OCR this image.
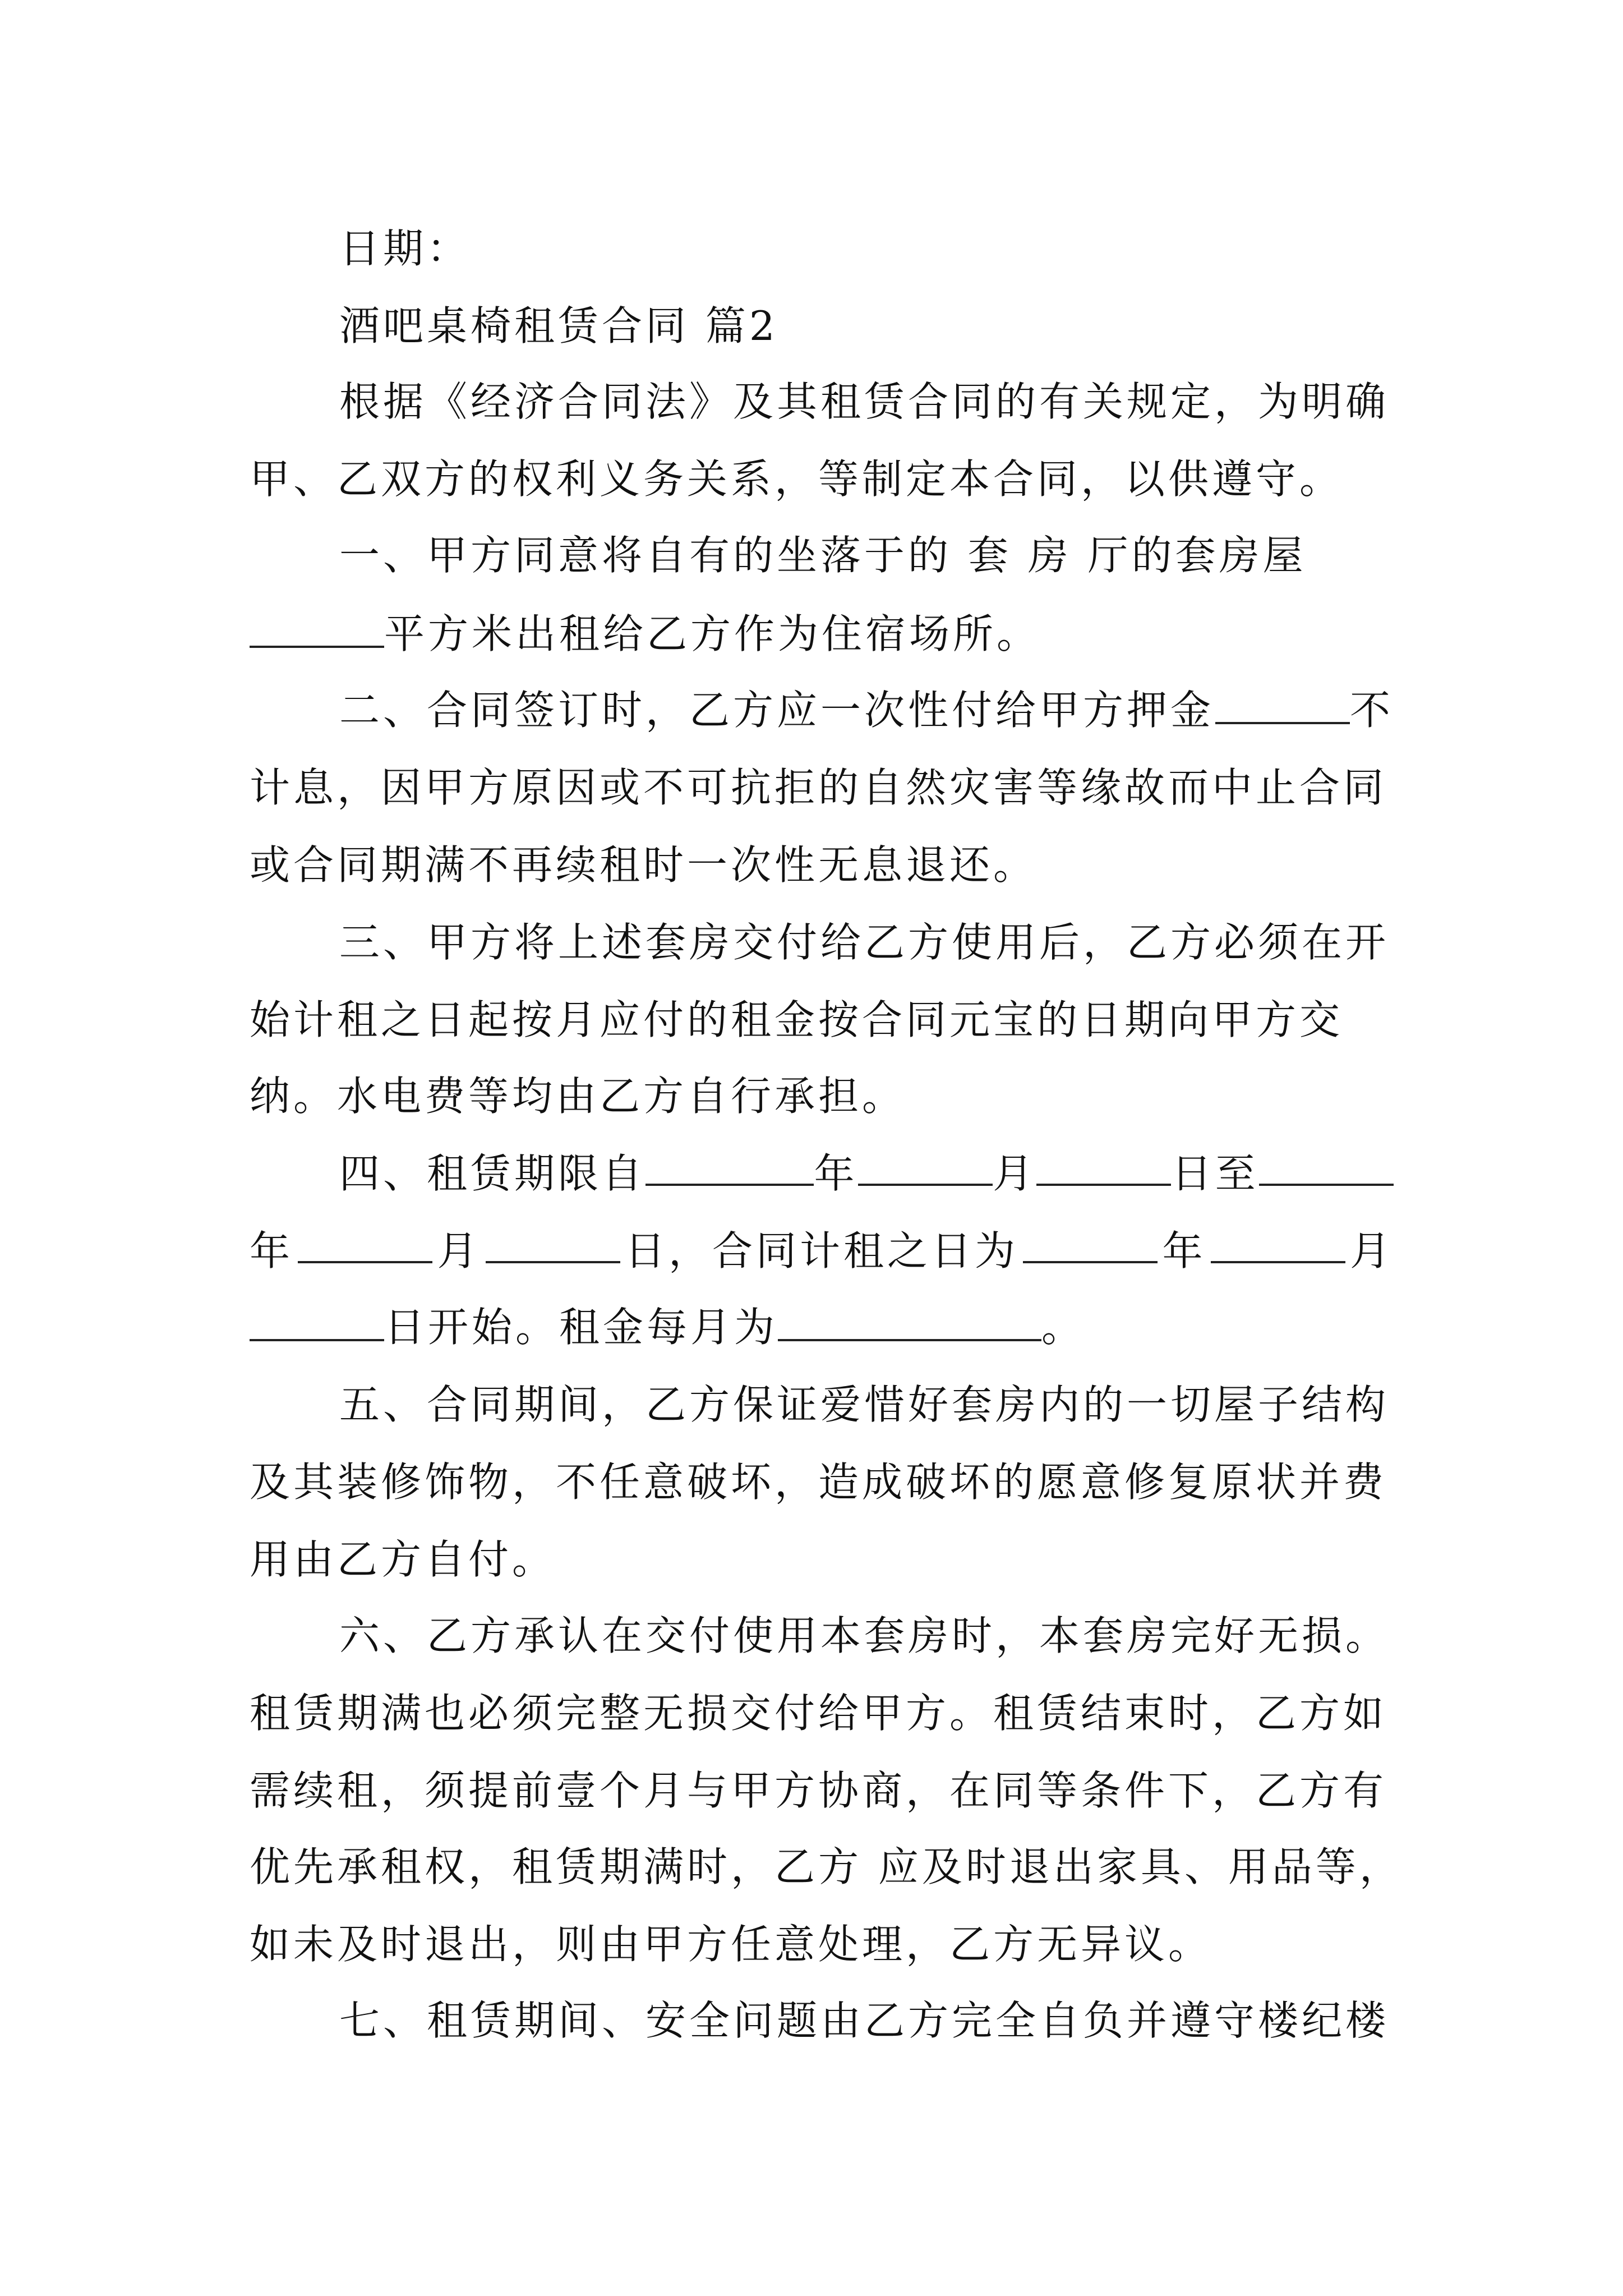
日期：
酒吧桌椅租赁合同 篇2
根据《经济合同法》及其租赁合同的有关规定，为明确
甲、乙双方的权利义务关系，等制定本合同，以供遵守。
一、甲方同意将自有的坐落于的 套 房 厅的套房屋
平方米出租给乙方作为住宿场所。
二、合同签订时，乙方应一次性付给甲方押金	不
计息，因甲方原因或不可抗拒的自然灾害等缘故而中止合同
或合同期满不再续租时一次性无息退还。
三、甲方将上述套房交付给乙方使用后，乙方必须在开
始计租之日起按月应付的租金按合同元宝的日期向甲方交
纳。水电费等均由乙方自行承担。
四、租赁期限自	年	月	日至
年	月	日，合同计租之日为	年	月
日开始。租金每月为	。
五、合同期间，乙方保证爱惜好套房内的一切屋子结构
及其装修饰物，不任意破坏，造成破坏的愿意修复原状并费
用由乙方自付。
六、乙方承认在交付使用本套房时，本套房完好无损。
租赁期满也必须完整无损交付给甲方。租赁结束时，乙方如
需续租，须提前壹个月与甲方协商，在同等条件下，乙方有
优先承租权，租赁期满时，乙方 应及时退出家具、用品等，
如未及时退出，则由甲方任意处理，乙方无异议。
七、租赁期间、安全问题由乙方完全自负并遵守楼纪楼
